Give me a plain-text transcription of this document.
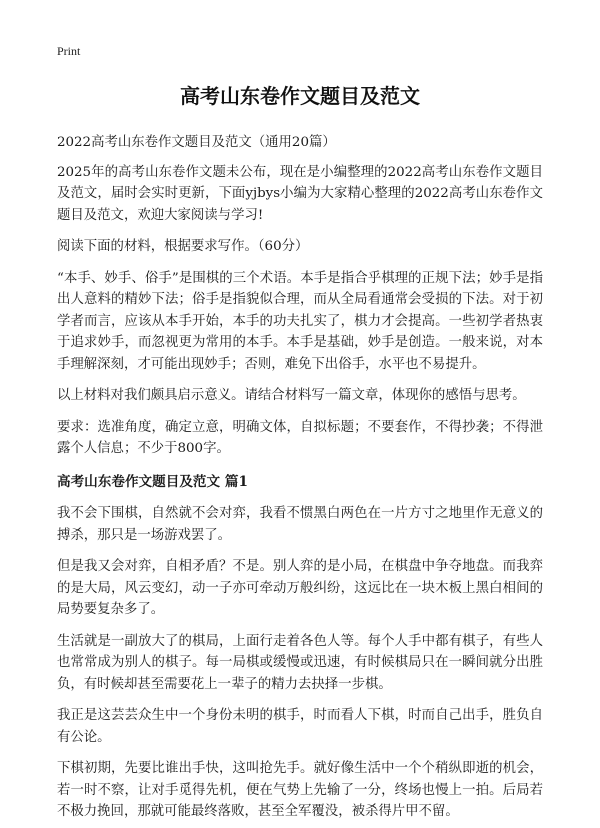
Print
高考山东卷作文题目及范文

2022高考山东卷作文题目及范文（通用20篇）

2025年的高考山东卷作文题未公布，现在是小编整理的2022高考山东卷作文题目及范文，届时会实时更新，下面yjbys小编为大家精心整理的2022高考山东卷作文题目及范文，欢迎大家阅读与学习!

阅读下面的材料，根据要求写作。（60分）

“本手、妙手、俗手”是围棋的三个术语。本手是指合乎棋理的正规下法；妙手是指出人意料的精妙下法；俗手是指貌似合理，而从全局看通常会受损的下法。对于初学者而言，应该从本手开始，本手的功夫扎实了，棋力才会提高。一些初学者热衷于追求妙手，而忽视更为常用的本手。本手是基础，妙手是创造。一般来说，对本手理解深刻，才可能出现妙手；否则，难免下出俗手，水平也不易提升。

以上材料对我们颇具启示意义。请结合材料写一篇文章，体现你的感悟与思考。

要求：选准角度，确定立意，明确文体，自拟标题；不要套作，不得抄袭；不得泄露个人信息；不少于800字。

高考山东卷作文题目及范文 篇1

我不会下围棋，自然就不会对弈，我看不惯黑白两色在一片方寸之地里作无意义的搏杀，那只是一场游戏罢了。

但是我又会对弈，自相矛盾？不是。别人弈的是小局，在棋盘中争夺地盘。而我弈的是大局，风云变幻，动一子亦可牵动万般纠纷，这远比在一块木板上黑白相间的局势要复杂多了。

生活就是一副放大了的棋局，上面行走着各色人等。每个人手中都有棋子，有些人也常常成为别人的棋子。每一局棋或缓慢或迅速，有时候棋局只在一瞬间就分出胜负，有时候却甚至需要花上一辈子的精力去抉择一步棋。

我正是这芸芸众生中一个身份未明的棋手，时而看人下棋，时而自己出手，胜负自有公论。

下棋初期，先要比谁出手快，这叫抢先手。就好像生活中一个个稍纵即逝的机会，若一时不察，让对手觅得先机，便在气势上先输了一分，终场也慢上一拍。后局若不极力挽回，那就可能最终落败，甚至全军覆没，被杀得片甲不留。
